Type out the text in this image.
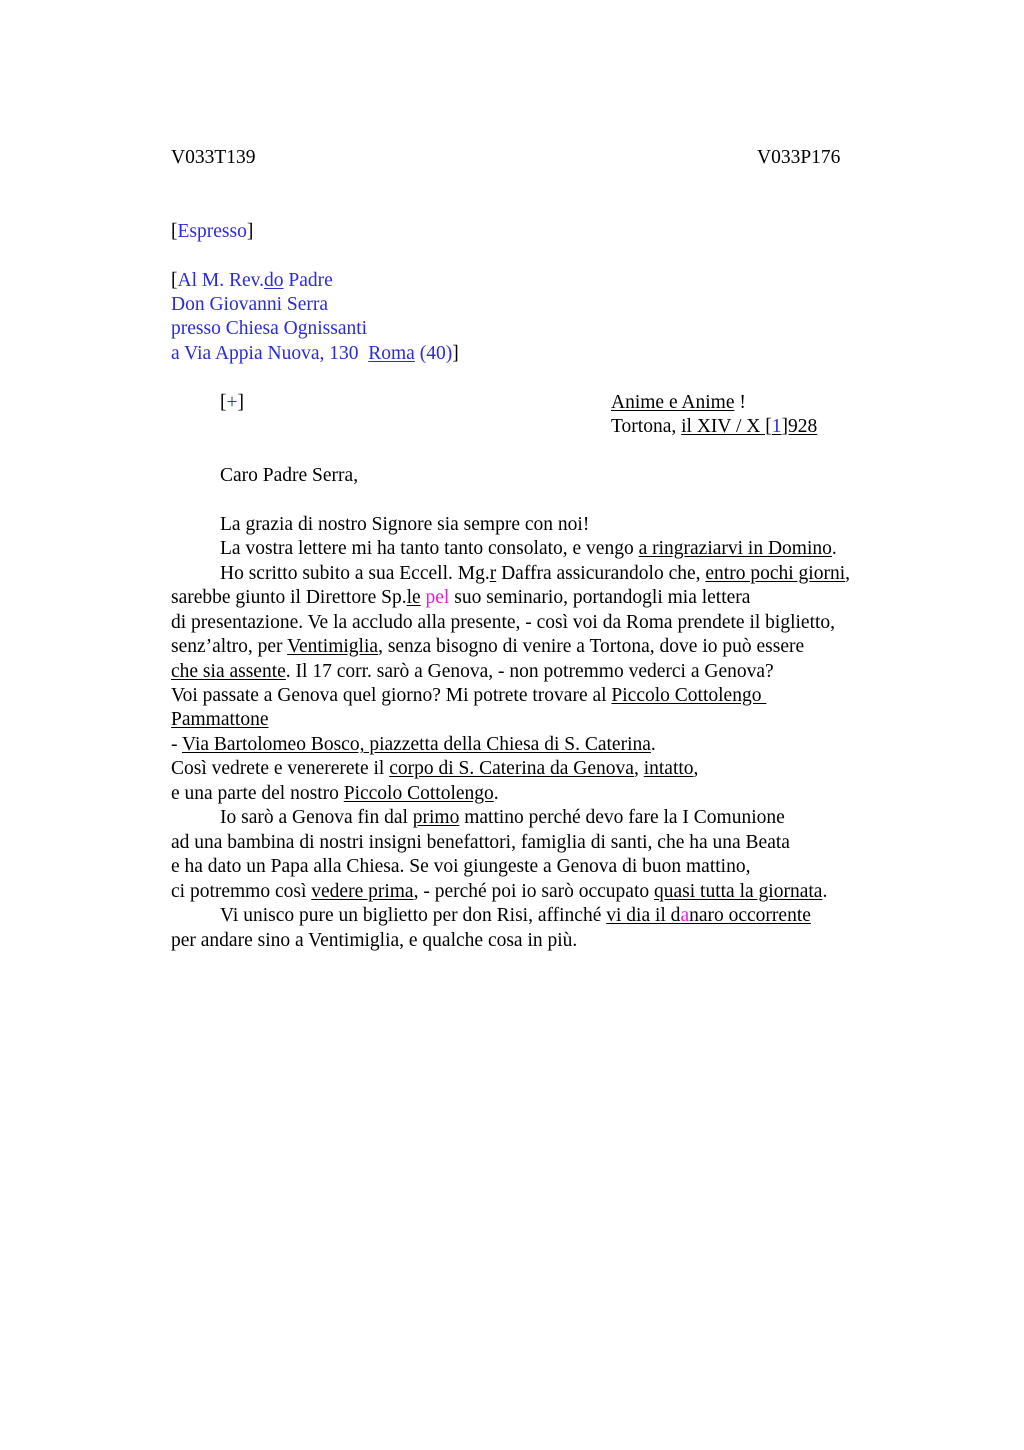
V033T139	V033P176
[Espresso]
[Al M. Rev.do Padre
Don Giovanni Serra
presso Chiesa Ognissanti
a Via Appia Nuova, 130  Roma (40)]
[+]	Anime e Anime !
Tortona, il XIV / X [1]928
Caro Padre Serra,
La grazia di nostro Signore sia sempre con noi!
La vostra lettere mi ha tanto tanto consolato, e vengo a ringraziarvi in Domino.
Ho scritto subito a sua Eccell. Mg.r Daffra assicurandolo che, entro pochi giorni,
sarebbe giunto il Direttore Sp.le pel suo seminario, portandogli mia lettera
di presentazione. Ve la accludo alla presente, - così voi da Roma prendete il biglietto,
senz’altro, per Ventimiglia, senza bisogno di venire a Tortona, dove io può essere
che sia assente. Il 17 corr. sarò a Genova, - non potremmo vederci a Genova?
Voi passate a Genova quel giorno? Mi potrete trovare al Piccolo Cottolengo
Pammattone
- Via Bartolomeo Bosco, piazzetta della Chiesa di S. Caterina.
Così vedrete e venererete il corpo di S. Caterina da Genova, intatto,
e una parte del nostro Piccolo Cottolengo.
Io sarò a Genova fin dal primo mattino perché devo fare la I Comunione
ad una bambina di nostri insigni benefattori, famiglia di santi, che ha una Beata
e ha dato un Papa alla Chiesa. Se voi giungeste a Genova di buon mattino,
ci potremmo così vedere prima, - perché poi io sarò occupato quasi tutta la giornata.
Vi unisco pure un biglietto per don Risi, affinché vi dia il danaro occorrente
per andare sino a Ventimiglia, e qualche cosa in più.
